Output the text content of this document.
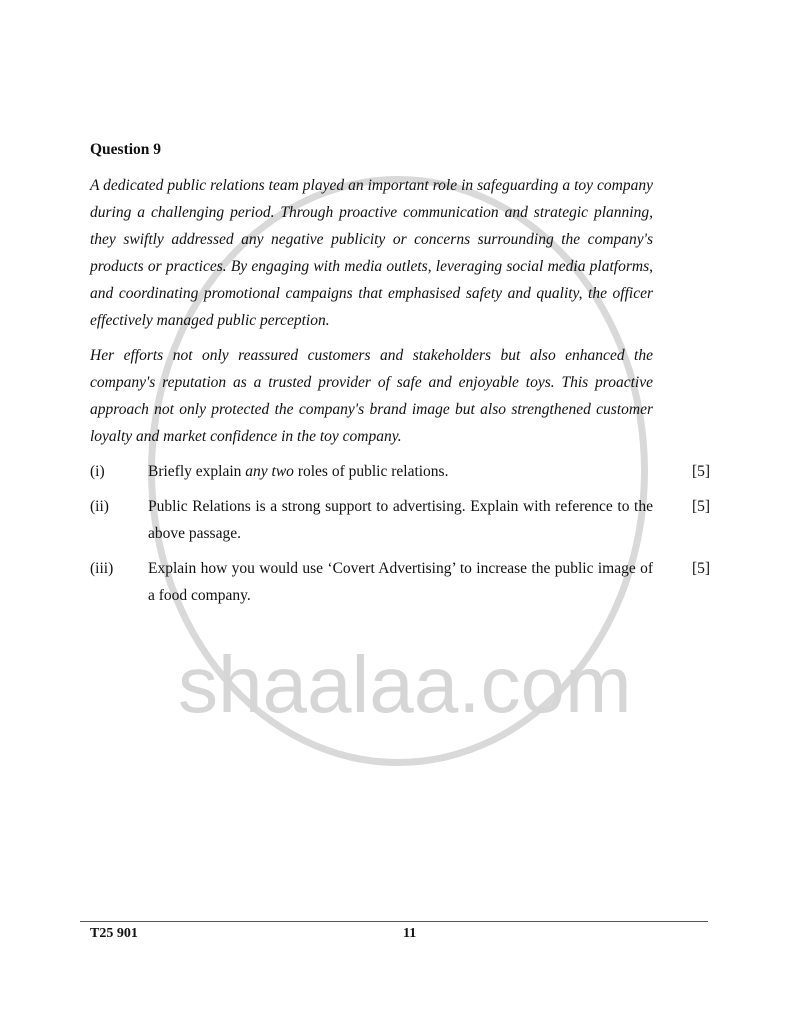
shaalaa.com
Question 9
A dedicated public relations team played an important role in safeguarding a toy company
during a challenging period. Through proactive communication and strategic planning,
they swiftly addressed any negative publicity or concerns surrounding the company's
products or practices. By engaging with media outlets, leveraging social media platforms,
and coordinating promotional campaigns that emphasised safety and quality, the officer
effectively managed public perception.
Her efforts not only reassured customers and stakeholders but also enhanced the
company's reputation as a trusted provider of safe and enjoyable toys. This proactive
approach not only protected the company's brand image but also strengthened customer
loyalty and market confidence in the toy company.
(i)	Briefly explain any two roles of public relations.	[5]
(ii)	Public Relations is a strong support to advertising. Explain with reference to the
above passage.
[5]
(iii) Explain how you would use ‘Covert Advertising’ to increase the public image of
a food company.
[5]
T25 901	11
